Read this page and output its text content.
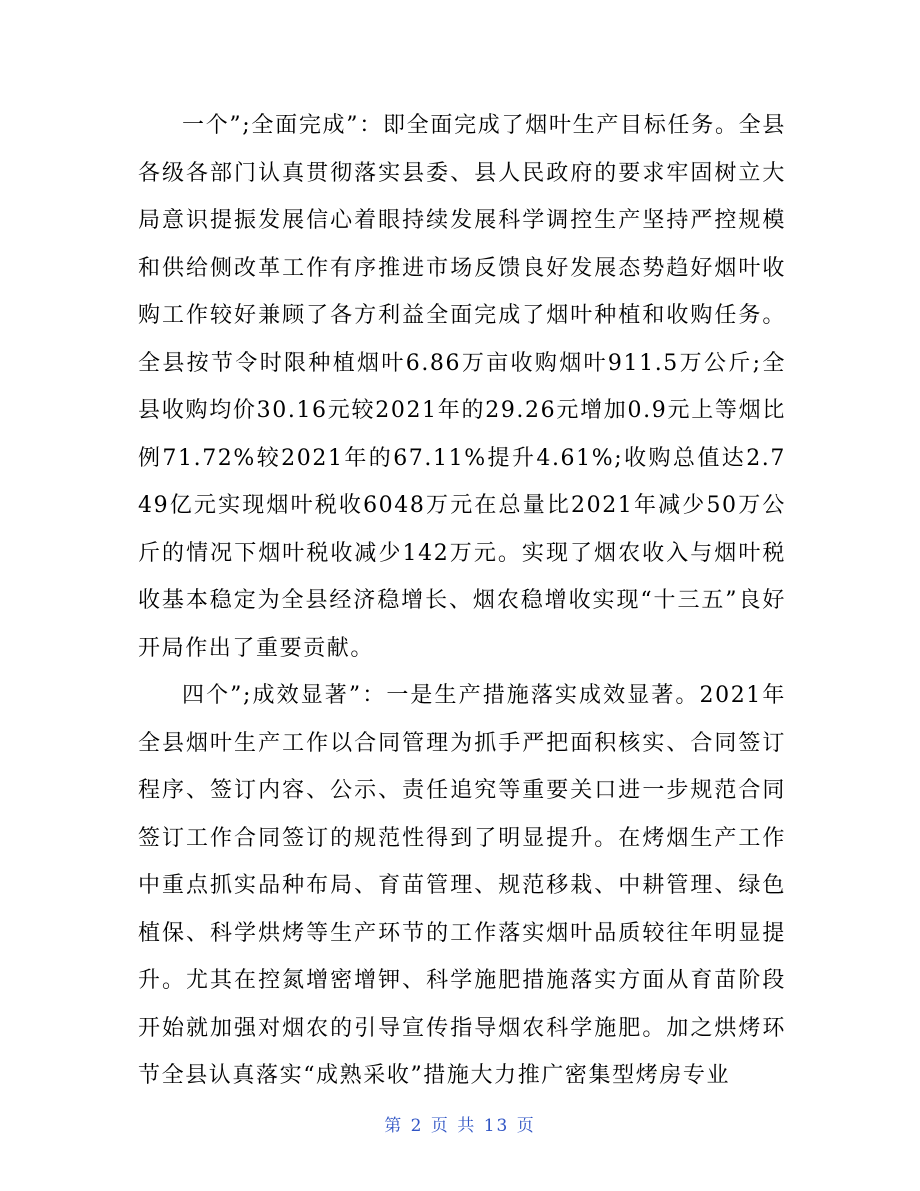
一个”;全面完成”：即全面完成了烟叶生产目标任务。全县各级各部门认真贯彻落实县委、县人民政府的要求牢固树立大局意识提振发展信心着眼持续发展科学调控生产坚持严控规模和供给侧改革工作有序推进市场反馈良好发展态势趋好烟叶收购工作较好兼顾了各方利益全面完成了烟叶种植和收购任务。全县按节令时限种植烟叶6.86万亩收购烟叶911.5万公斤;全县收购均价30.16元较2021年的29.26元增加0.9元上等烟比例71.72%较2021年的67.11%提升4.61%;收购总值达2.749亿元实现烟叶税收6048万元在总量比2021年减少50万公斤的情况下烟叶税收减少142万元。实现了烟农收入与烟叶税收基本稳定为全县经济稳增长、烟农稳增收实现“十三五”良好开局作出了重要贡献。

四个”;成效显著”：一是生产措施落实成效显著。2021年全县烟叶生产工作以合同管理为抓手严把面积核实、合同签订程序、签订内容、公示、责任追究等重要关口进一步规范合同签订工作合同签订的规范性得到了明显提升。在烤烟生产工作中重点抓实品种布局、育苗管理、规范移栽、中耕管理、绿色植保、科学烘烤等生产环节的工作落实烟叶品质较往年明显提升。尤其在控氮增密增钾、科学施肥措施落实方面从育苗阶段开始就加强对烟农的引导宣传指导烟农科学施肥。加之烘烤环节全县认真落实“成熟采收”措施大力推广密集型烤房专业

第 2 页 共 13 页
